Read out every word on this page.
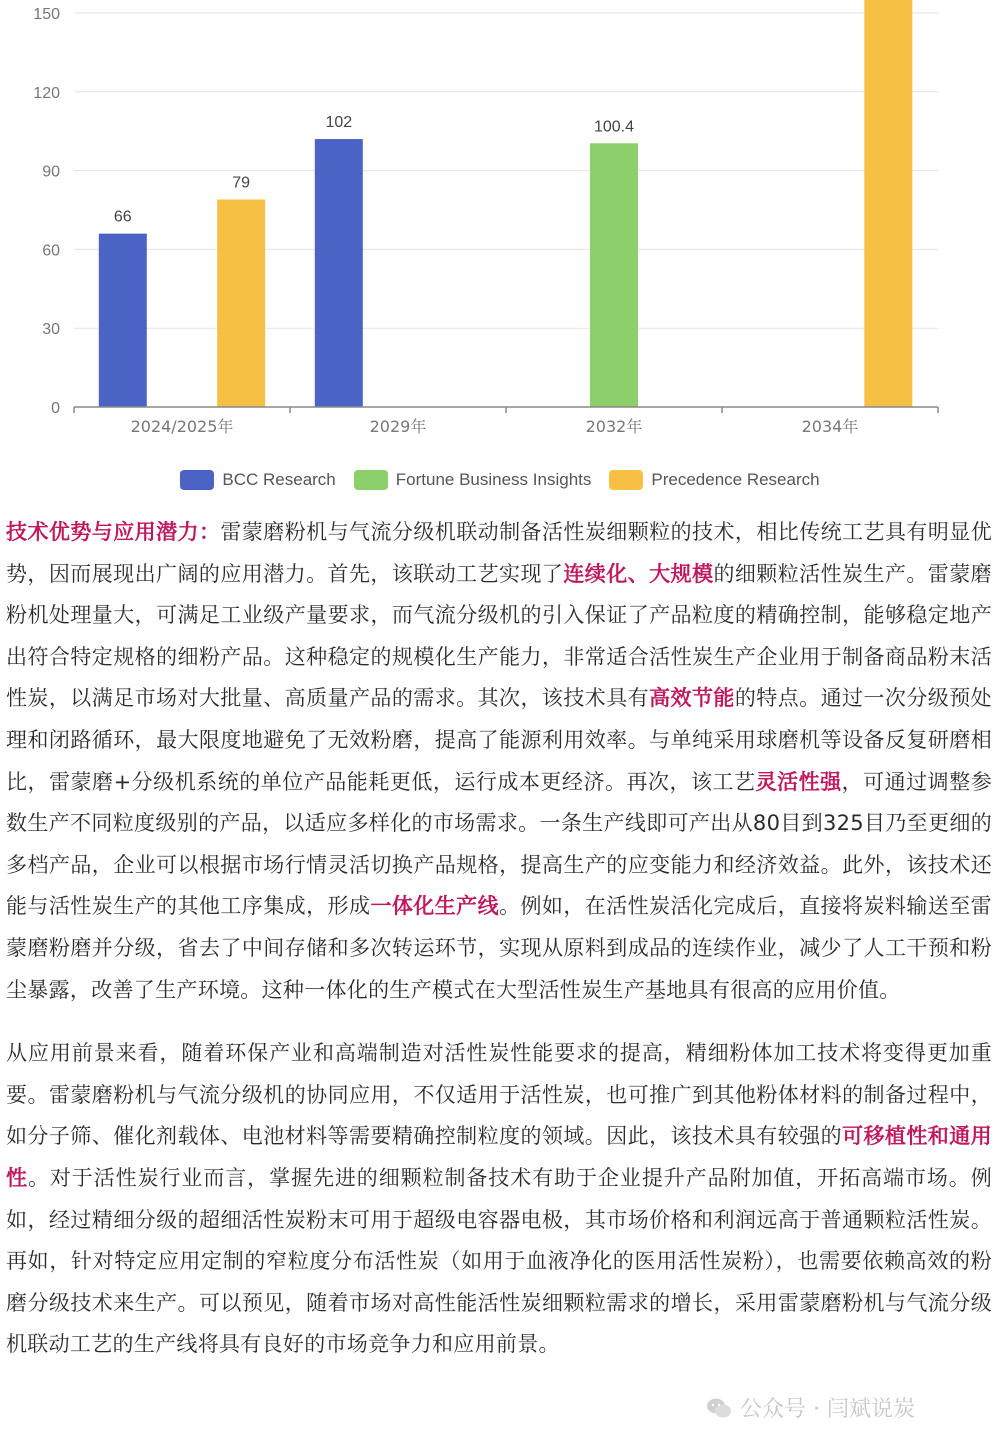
0
30
60
90
120
150
66
79
102	100.4
2024/2025年	2029年	2032年	2034年
BCC Research	Fortune Business Insights	Precedence Research

技术优势与应用潜力：雷蒙磨粉机与气流分级机联动制备活性炭细颗粒的技术，相比传统工艺具有明显优势，因而展现出广阔的应用潜力。首先，该联动工艺实现了连续化、大规模的细颗粒活性炭生产。雷蒙磨粉机处理量大，可满足工业级产量要求，而气流分级机的引入保证了产品粒度的精确控制，能够稳定地产出符合特定规格的细粉产品。这种稳定的规模化生产能力，非常适合活性炭生产企业用于制备商品粉末活性炭，以满足市场对大批量、高质量产品的需求。其次，该技术具有高效节能的特点。通过一次分级预处理和闭路循环，最大限度地避免了无效粉磨，提高了能源利用效率。与单纯采用球磨机等设备反复研磨相比，雷蒙磨+分级机系统的单位产品能耗更低，运行成本更经济。再次，该工艺灵活性强，可通过调整参数生产不同粒度级别的产品，以适应多样化的市场需求。一条生产线即可产出从80目到325目乃至更细的多档产品，企业可以根据市场行情灵活切换产品规格，提高生产的应变能力和经济效益。此外，该技术还能与活性炭生产的其他工序集成，形成一体化生产线。例如，在活性炭活化完成后，直接将炭料输送至雷蒙磨粉磨并分级，省去了中间存储和多次转运环节，实现从原料到成品的连续作业，减少了人工干预和粉尘暴露，改善了生产环境。这种一体化的生产模式在大型活性炭生产基地具有很高的应用价值。

从应用前景来看，随着环保产业和高端制造对活性炭性能要求的提高，精细粉体加工技术将变得更加重要。雷蒙磨粉机与气流分级机的协同应用，不仅适用于活性炭，也可推广到其他粉体材料的制备过程中，如分子筛、催化剂载体、电池材料等需要精确控制粒度的领域。因此，该技术具有较强的可移植性和通用性。对于活性炭行业而言，掌握先进的细颗粒制备技术有助于企业提升产品附加值，开拓高端市场。例如，经过精细分级的超细活性炭粉末可用于超级电容器电极，其市场价格和利润远高于普通颗粒活性炭。再如，针对特定应用定制的窄粒度分布活性炭（如用于血液净化的医用活性炭粉），也需要依赖高效的粉磨分级技术来生产。可以预见，随着市场对高性能活性炭细颗粒需求的增长，采用雷蒙磨粉机与气流分级机联动工艺的生产线将具有良好的市场竞争力和应用前景。

公众号 · 闫斌说炭
